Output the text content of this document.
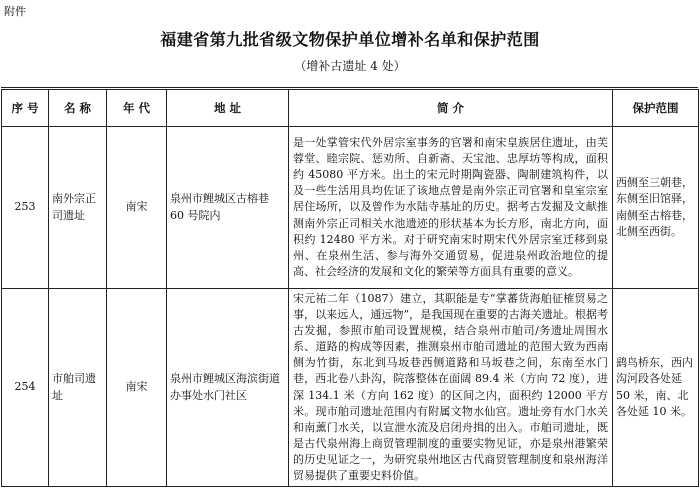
附件
福建省第九批省级文物保护单位增补名单和保护范围
（增补古遗址 4 处）
序 号	名 称	年 代	地 址	简 介	保护范围
253	南外宗正司遗址	南宋	泉州市鲤城区古榕巷 60 号院内	是一处掌管宋代外居宗室事务的官署和南宋皇族居住遗址，由芙蓉堂、睦宗院、惩劝所、自新斋、天宝池、忠厚坊等构成，面积约 45080 平方米。出土的宋元时期陶瓷器、陶制建筑构件，以及一些生活用具均佐证了该地点曾是南外宗正司官署和皇室宗室居住场所，以及曾作为水陆寺基址的历史。据考古发掘及文献推测南外宗正司相关水池遗迹的形状基本为长方形，南北方向，面积约 12480 平方米。对于研究南宋时期宋代外居宗室迁移到泉州、在泉州生活、参与海外交通贸易，促进泉州政治地位的提高、社会经济的发展和文化的繁荣等方面具有重要的意义。	西侧至三朝巷，东侧至旧馆驿，南侧至古榕巷，北侧至西街。
254	市舶司遗址	南宋	泉州市鲤城区海滨街道办事处水门社区	宋元祐二年（1087）建立，其职能是专“掌蕃货海舶征榷贸易之事，以来远人，通远物”，是我国现在重要的古海关遗址。根据考古发掘，参照市舶司设置规模，结合泉州市舶司/务遗址周围水系、道路的构成等因素，推测泉州市舶司遗址的范围大致为西南侧为竹街，东北到马坂巷西侧道路和马坂巷之间，东南至水门巷，西北卷八卦沟，院落整体在面阔 89.4 米（方向 72 度），进深 134.1 米（方向 162 度）的区间之内，面积约 12000 平方米。现市舶司遗址范围内有附属文物水仙宫。遗址旁有水门水关和南薰门水关，以宣泄水流及启闭舟揖的出入。市舶司遗址，既是古代泉州海上商贸管理制度的重要实物见证，亦是泉州港繁荣的历史见证之一，为研究泉州地区古代商贸管理制度和泉州海洋贸易提供了重要史料价值。	鹞鸟桥东，西内沟河段各处延 50 米，南、北各处延 10 米。
